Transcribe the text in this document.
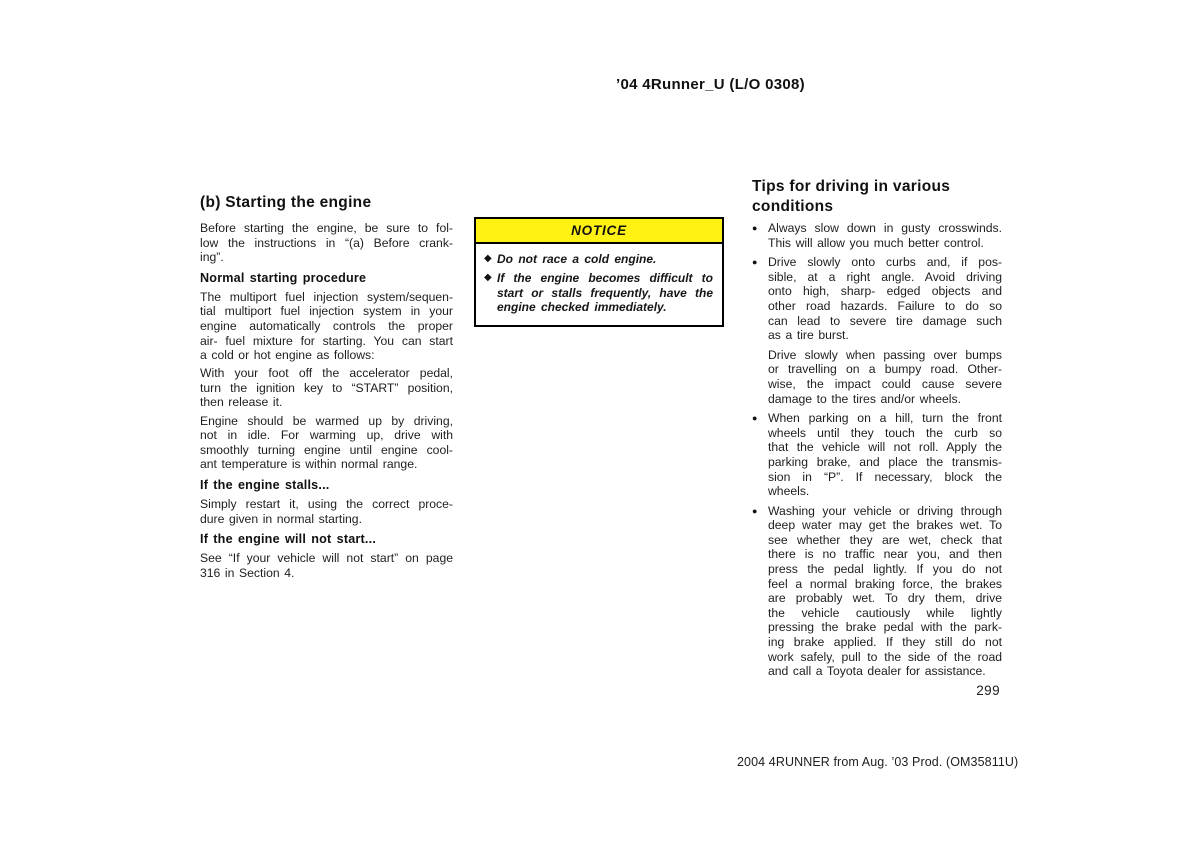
’04 4Runner_U (L/O 0308)
(b) Starting the engine
Before starting the engine, be sure to fol-
low the instructions in “(a) Before crank-
ing”.
Normal starting procedure
The multiport fuel injection system/sequen-
tial multiport fuel injection system in your
engine automatically controls the proper
air- fuel mixture for starting. You can start
a cold or hot engine as follows:
With your foot off the accelerator pedal,
turn the ignition key to “START” position,
then release it.
Engine should be warmed up by driving,
not in idle. For warming up, drive with
smoothly turning engine until engine cool-
ant temperature is within normal range.
If the engine stalls...
Simply restart it, using the correct proce-
dure given in normal starting.
If the engine will not start...
See “If your vehicle will not start” on page
316 in Section 4.
NOTICE
◆ Do not race a cold engine.
◆ If the engine becomes difficult to
start or stalls frequently, have the
engine checked immediately.
Tips for driving in various
conditions
● Always slow down in gusty crosswinds.
This will allow you much better control.
● Drive slowly onto curbs and, if pos-
sible, at a right angle. Avoid driving
onto high, sharp- edged objects and
other road hazards. Failure to do so
can lead to severe tire damage such
as a tire burst.
Drive slowly when passing over bumps
or travelling on a bumpy road. Other-
wise, the impact could cause severe
damage to the tires and/or wheels.
● When parking on a hill, turn the front
wheels until they touch the curb so
that the vehicle will not roll. Apply the
parking brake, and place the transmis-
sion in “P”. If necessary, block the
wheels.
● Washing your vehicle or driving through
deep water may get the brakes wet. To
see whether they are wet, check that
there is no traffic near you, and then
press the pedal lightly. If you do not
feel a normal braking force, the brakes
are probably wet. To dry them, drive
the vehicle cautiously while lightly
pressing the brake pedal with the park-
ing brake applied. If they still do not
work safely, pull to the side of the road
and call a Toyota dealer for assistance.
299
2004 4RUNNER from Aug. ’03 Prod. (OM35811U)
